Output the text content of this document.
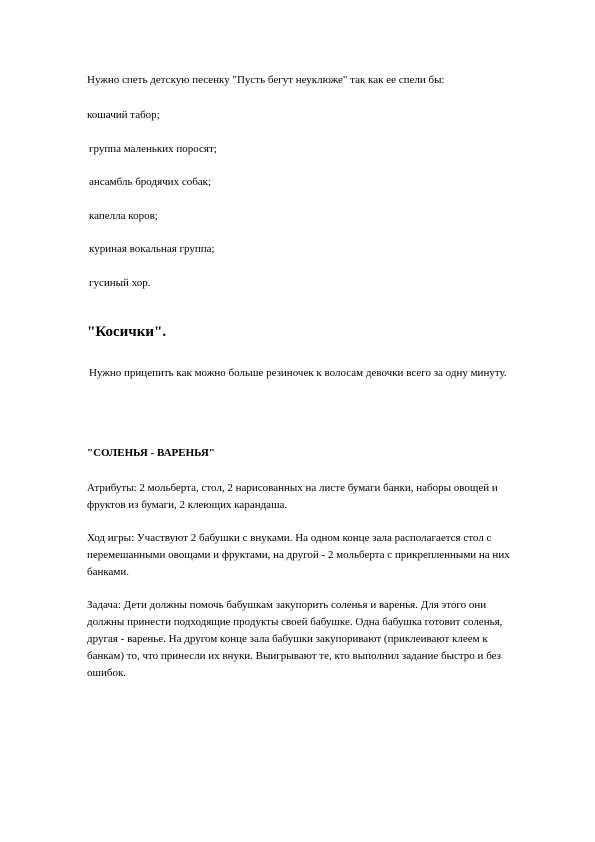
Нужно спеть детскую песенку "Пусть бегут неуклюже" так как ее спели бы:
кошачий табор;
группа маленьких поросят;
ансамбль бродячих собак;
капелла коров;
куриная вокальная группа;
гусиный хор.
"Косички".
Нужно прицепить как можно больше резиночек к волосам девочки всего за одну минуту.
"СОЛЕНЬЯ - ВАРЕНЬЯ"
Атрибуты: 2 мольберта, стол, 2 нарисованных на листе бумаги банки, наборы овощей и
фруктов из бумаги, 2 клеющих карандаша.
Ход игры: Участвуют 2 бабушки с внуками. На одном конце зала располагается стол с
перемешанными овощами и фруктами, на другой - 2 мольберта с прикрепленными на них
банками.
Задача: Дети должны помочь бабушкам закупорить соленья и варенья. Для этого они
должны принести подходящие продукты своей бабушке. Одна бабушка готовит соленья,
другая - варенье. На другом конце зала бабушки закупоривают (приклеивают клеем к
банкам) то, что принесли их внуки. Выигрывают те, кто выполнил задание быстро и без
ошибок.
